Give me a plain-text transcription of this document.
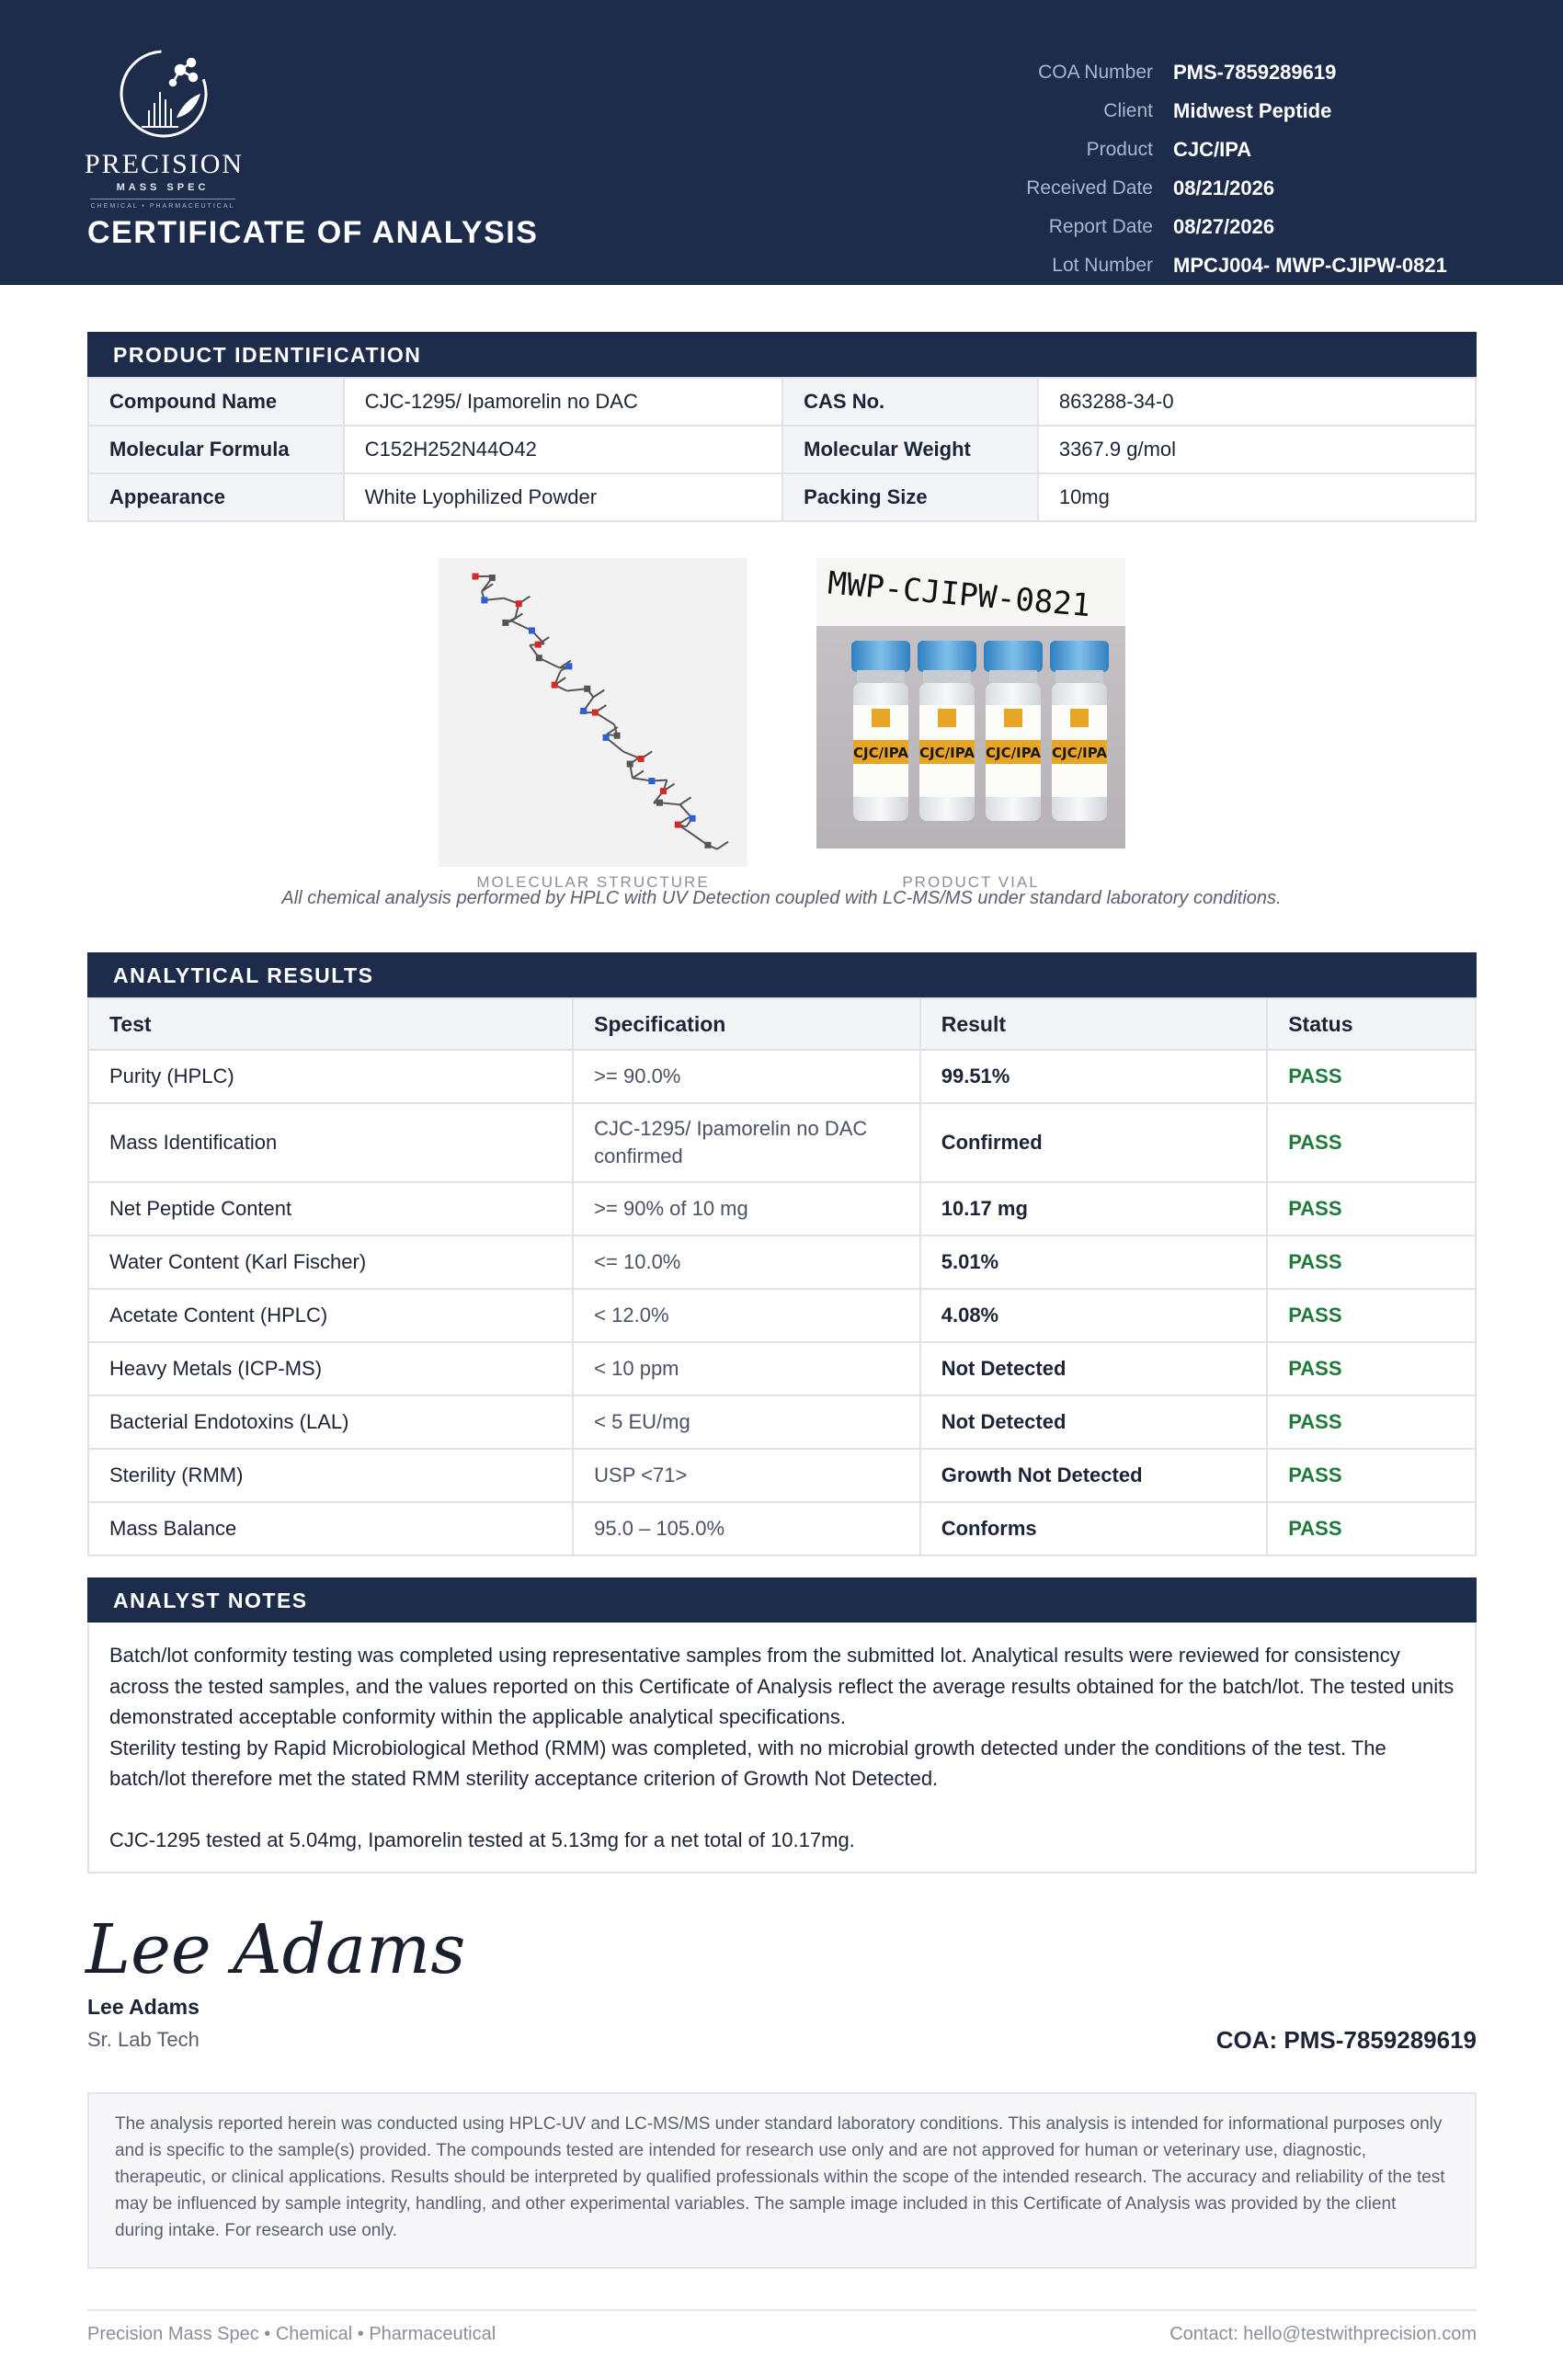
PRECISION
MASS SPEC
CHEMICAL • PHARMACEUTICAL
CERTIFICATE OF ANALYSIS
COA Number	PMS-7859289619
Client	Midwest Peptide
Product	CJC/IPA
Received Date	08/21/2026
Report Date	08/27/2026
Lot Number	MPCJ004- MWP-CJIPW-0821
PRODUCT IDENTIFICATION
Compound Name	CJC-1295/ Ipamorelin no DAC	CAS No.	863288-34-0
Molecular Formula	C152H252N44O42	Molecular Weight	3367.9 g/mol
Appearance	White Lyophilized Powder	Packing Size	10mg
MOLECULAR STRUCTURE
MWP-CJIPW-0821
CJC/IPA CJC/IPA CJC/IPA CJC/IPA
PRODUCT VIAL
All chemical analysis performed by HPLC with UV Detection coupled with LC-MS/MS under standard laboratory conditions.
ANALYTICAL RESULTS
Test	Specification	Result	Status
Purity (HPLC)	>= 90.0%	99.51%	PASS
Mass Identification	CJC-1295/ Ipamorelin no DAC confirmed	Confirmed	PASS
Net Peptide Content	>= 90% of 10 mg	10.17 mg	PASS
Water Content (Karl Fischer)	<= 10.0%	5.01%	PASS
Acetate Content (HPLC)	< 12.0%	4.08%	PASS
Heavy Metals (ICP-MS)	< 10 ppm	Not Detected	PASS
Bacterial Endotoxins (LAL)	< 5 EU/mg	Not Detected	PASS
Sterility (RMM)	USP <71>	Growth Not Detected	PASS
Mass Balance	95.0 – 105.0%	Conforms	PASS
ANALYST NOTES

Batch/lot conformity testing was completed using representative samples from the submitted lot. Analytical results were reviewed for consistency across the tested samples, and the values reported on this Certificate of Analysis reflect the average results obtained for the batch/lot. The tested units demonstrated acceptable conformity within the applicable analytical specifications.

Sterility testing by Rapid Microbiological Method (RMM) was completed, with no microbial growth detected under the conditions of the test. The batch/lot therefore met the stated RMM sterility acceptance criterion of Growth Not Detected.

CJC-1295 tested at 5.04mg, Ipamorelin tested at 5.13mg for a net total of 10.17mg.

Lee Adams
Lee Adams
Sr. Lab Tech	COA: PMS-7859289619
The analysis reported herein was conducted using HPLC-UV and LC-MS/MS under standard laboratory conditions. This analysis is intended for informational purposes only and is specific to the sample(s) provided. The compounds tested are intended for research use only and are not approved for human or veterinary use, diagnostic, therapeutic, or clinical applications. Results should be interpreted by qualified professionals within the scope of the intended research. The accuracy and reliability of the test may be influenced by sample integrity, handling, and other experimental variables. The sample image included in this Certificate of Analysis was provided by the client during intake. For research use only.
Precision Mass Spec • Chemical • Pharmaceutical	Contact: hello@testwithprecision.com
